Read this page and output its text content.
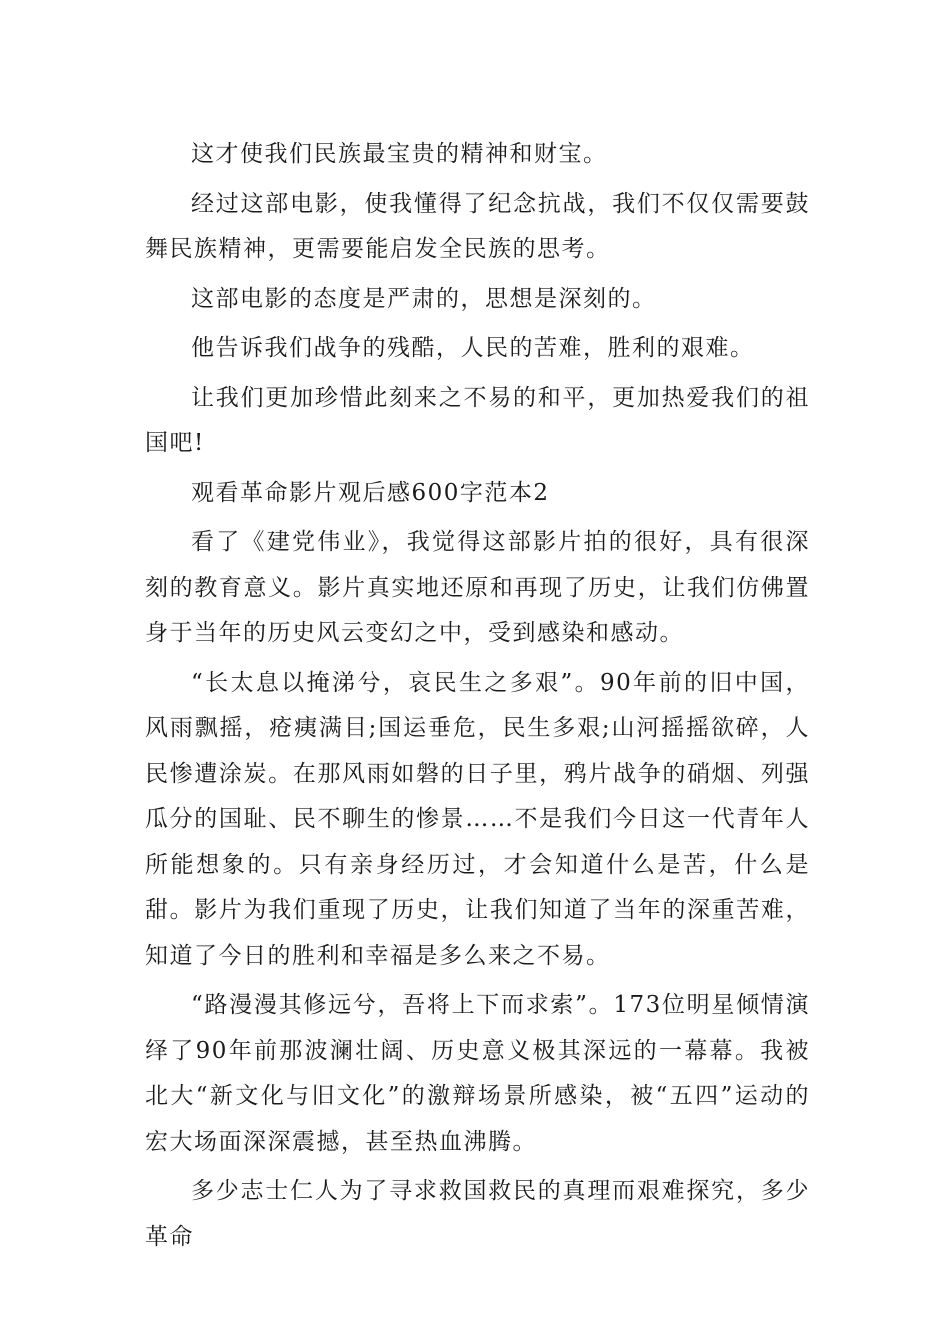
这才使我们民族最宝贵的精神和财宝。

经过这部电影，使我懂得了纪念抗战，我们不仅仅需要鼓舞民族精神，更需要能启发全民族的思考。

这部电影的态度是严肃的，思想是深刻的。

他告诉我们战争的残酷，人民的苦难，胜利的艰难。

让我们更加珍惜此刻来之不易的和平，更加热爱我们的祖国吧!

观看革命影片观后感600字范本2

看了《建党伟业》，我觉得这部影片拍的很好，具有很深刻的教育意义。影片真实地还原和再现了历史，让我们仿佛置身于当年的历史风云变幻之中，受到感染和感动。

“长太息以掩涕兮，哀民生之多艰”。90年前的旧中国，风雨飘摇，疮痍满目;国运垂危，民生多艰;山河摇摇欲碎，人民惨遭涂炭。在那风雨如磐的日子里，鸦片战争的硝烟、列强瓜分的国耻、民不聊生的惨景……不是我们今日这一代青年人所能想象的。只有亲身经历过，才会知道什么是苦，什么是甜。影片为我们重现了历史，让我们知道了当年的深重苦难，知道了今日的胜利和幸福是多么来之不易。

“路漫漫其修远兮，吾将上下而求索”。173位明星倾情演绎了90年前那波澜壮阔、历史意义极其深远的一幕幕。我被北大“新文化与旧文化”的激辩场景所感染，被“五四”运动的宏大场面深深震撼，甚至热血沸腾。

多少志士仁人为了寻求救国救民的真理而艰难探究，多少革命
